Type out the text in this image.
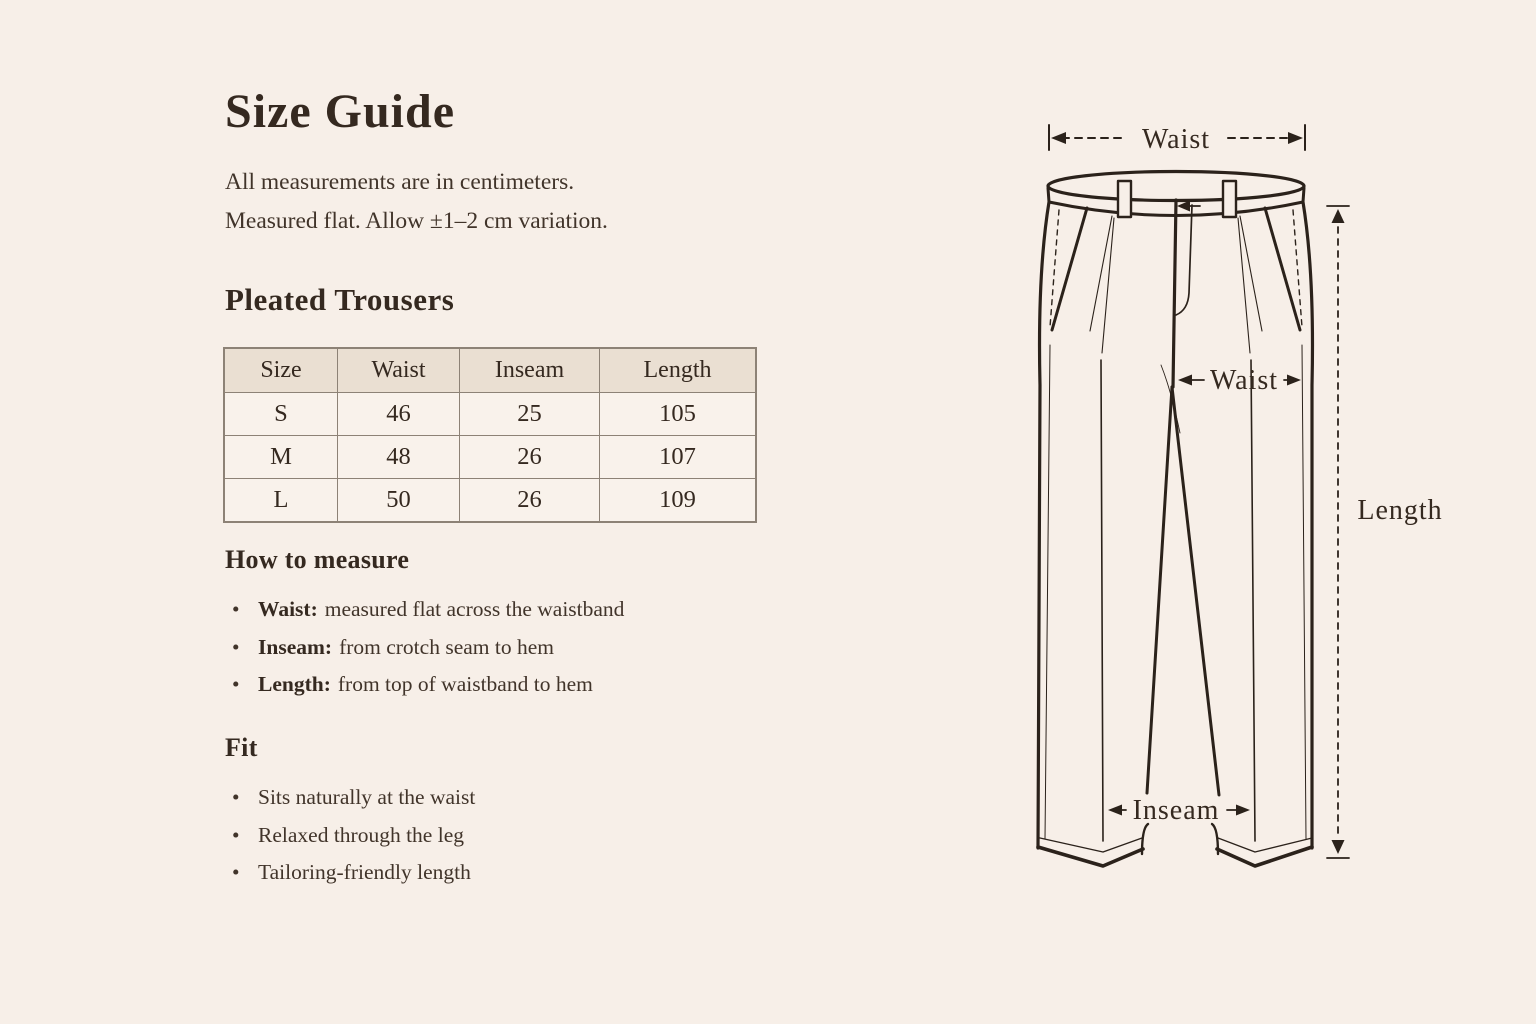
Size Guide
All measurements are in centimeters.
Measured flat. Allow ±1–2 cm variation.
Pleated Trousers
Size	Waist	Inseam	Length
S	46	25	105
M	48	26	107
L	50	26	109
How to measure
• Waist: measured flat across the waistband
• Inseam: from crotch seam to hem
• Length: from top of waistband to hem
Fit
• Sits naturally at the waist
• Relaxed through the leg
• Tailoring-friendly length
Waist
Waist
Length
Inseam
